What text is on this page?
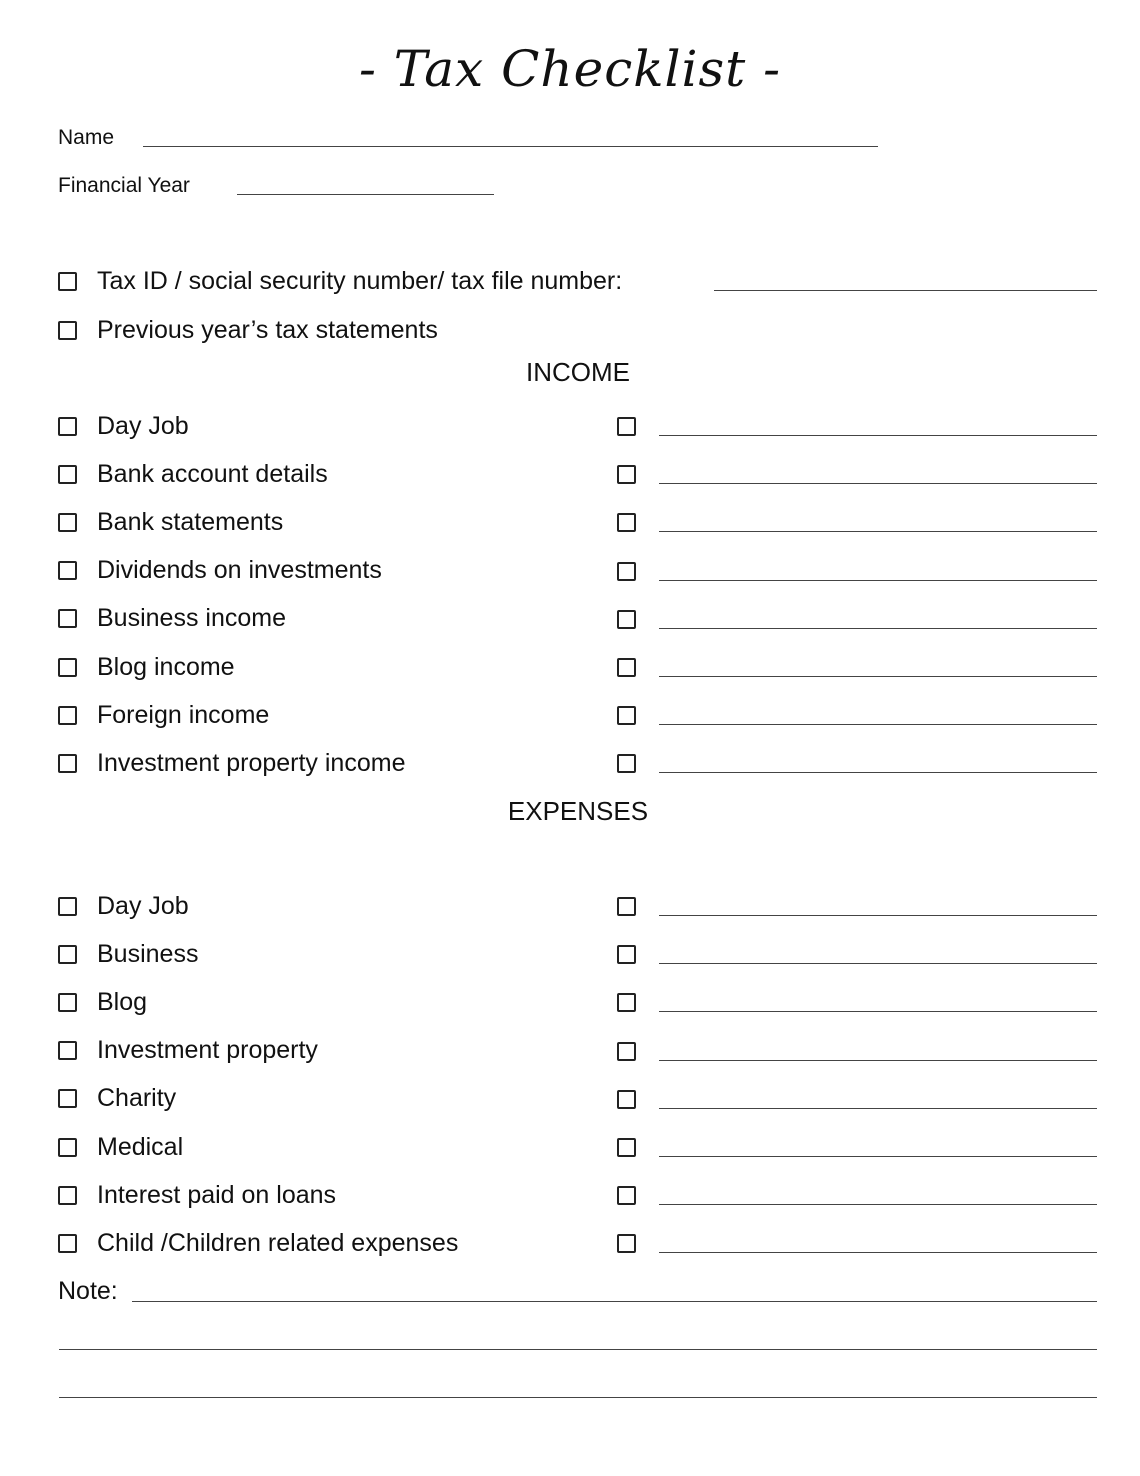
- Tax Checklist -
Name
Financial Year
Tax ID / social security number/ tax file number:
Previous year’s tax statements
INCOME
Day Job
Bank account details
Bank statements
Dividends on investments
Business income
Blog income
Foreign income
Investment property income
EXPENSES
Day Job
Business
Blog
Investment property
Charity
Medical
Interest paid on loans
Child /Children related expenses
Note:
